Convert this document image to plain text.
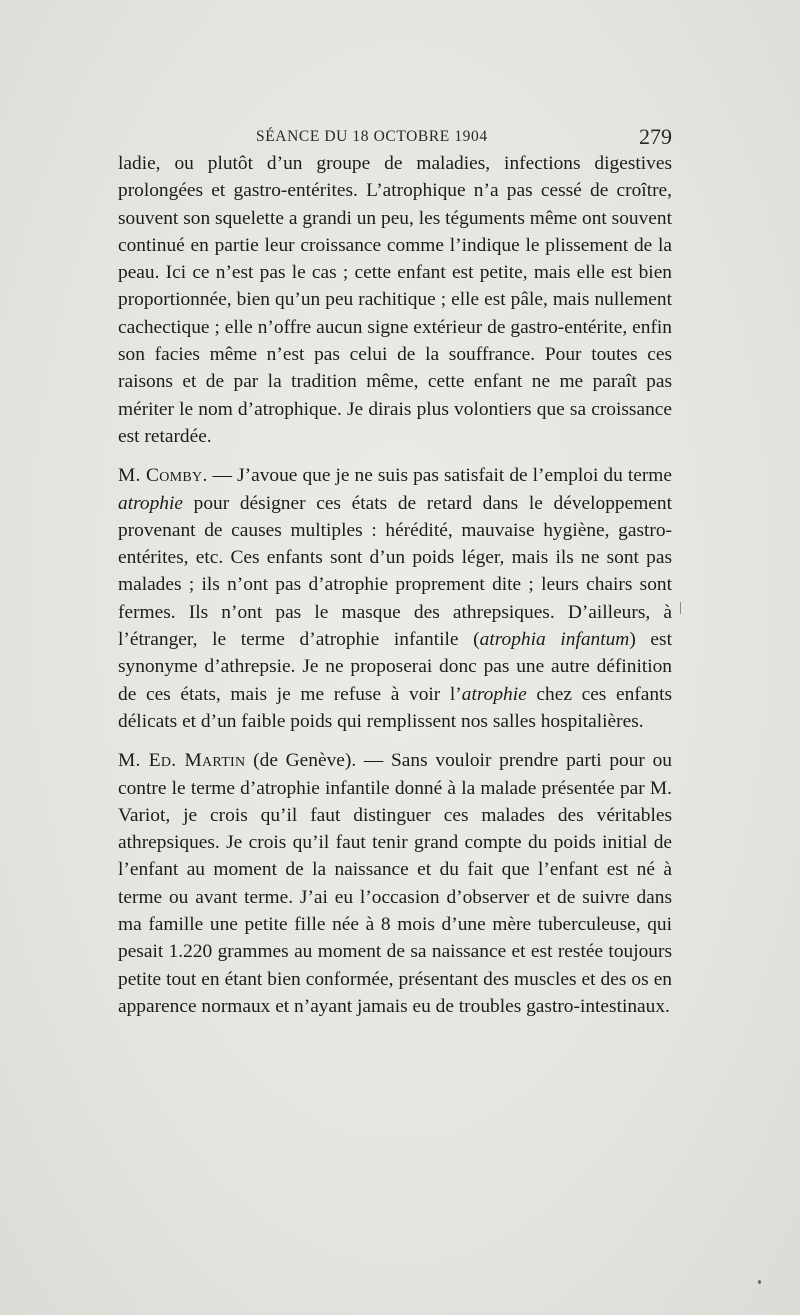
SÉANCE DU 18 OCTOBRE 1904	279

ladie, ou plutôt d’un groupe de maladies, infections digestives prolongées et gastro-entérites. L’atrophique n’a pas cessé de croître, souvent son squelette a grandi un peu, les téguments même ont souvent continué en partie leur croissance comme l’indique le plissement de la peau. Ici ce n’est pas le cas ; cette enfant est petite, mais elle est bien proportionnée, bien qu’un peu rachitique ; elle est pâle, mais nullement cachectique ; elle n’offre aucun signe extérieur de gastro-entérite, enfin son facies même n’est pas celui de la souffrance. Pour toutes ces raisons et de par la tradition même, cette enfant ne me paraît pas mériter le nom d’atrophique. Je dirais plus volontiers que sa croissance est retardée.

M. Comby. — J’avoue que je ne suis pas satisfait de l’emploi du terme atrophie pour désigner ces états de retard dans le développement provenant de causes multiples : hérédité, mauvaise hygiène, gastro-entérites, etc. Ces enfants sont d’un poids léger, mais ils ne sont pas malades ; ils n’ont pas d’atrophie proprement dite ; leurs chairs sont fermes. Ils n’ont pas le masque des athrepsiques. D’ailleurs, à l’étranger, le terme d’atrophie infantile (atrophia infantum) est synonyme d’athrepsie. Je ne proposerai donc pas une autre définition de ces états, mais je me refuse à voir l’atrophie chez ces enfants délicats et d’un faible poids qui remplissent nos salles hospitalières.

M. Ed. Martin (de Genève). — Sans vouloir prendre parti pour ou contre le terme d’atrophie infantile donné à la malade présentée par M. Variot, je crois qu’il faut distinguer ces malades des véritables athrepsiques. Je crois qu’il faut tenir grand compte du poids initial de l’enfant au moment de la naissance et du fait que l’enfant est né à terme ou avant terme. J’ai eu l’occasion d’observer et de suivre dans ma famille une petite fille née à 8 mois d’une mère tuberculeuse, qui pesait 1.220 grammes au moment de sa naissance et est restée toujours petite tout en étant bien conformée, présentant des muscles et des os en apparence normaux et n’ayant jamais eu de troubles gastro-intestinaux.
